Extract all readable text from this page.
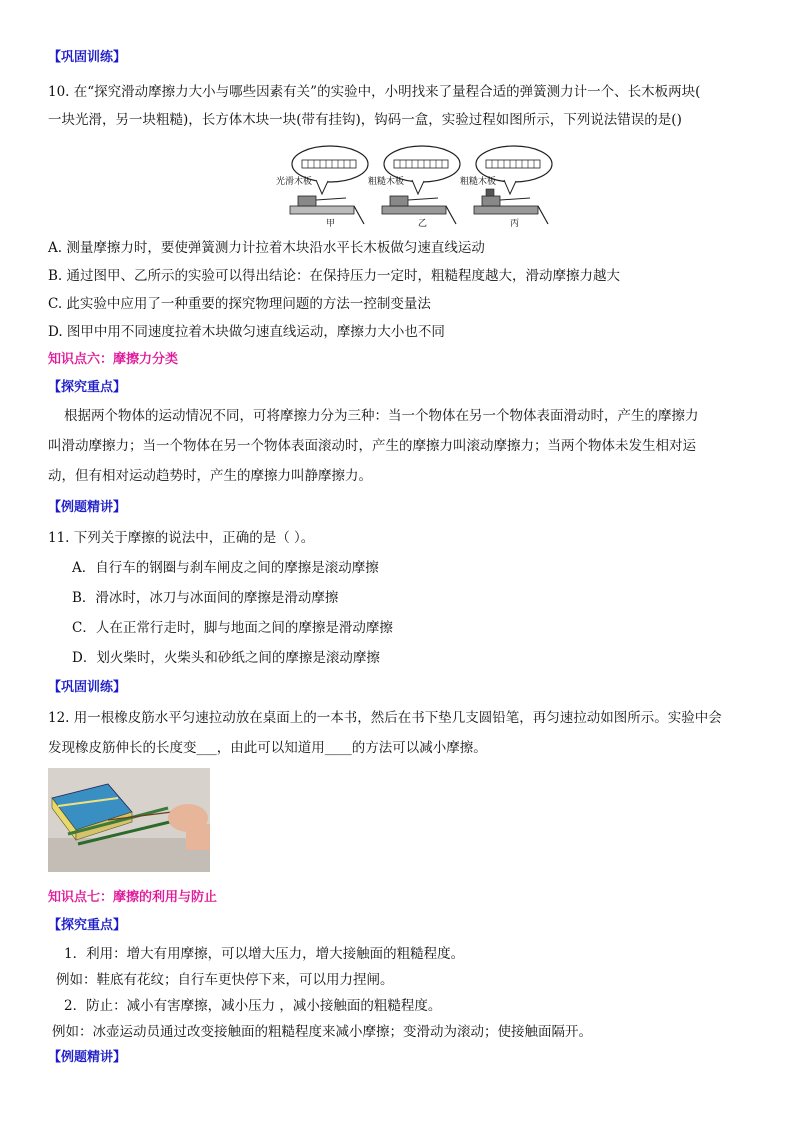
【巩固训练】
10. 在“探究滑动摩擦力大小与哪些因素有关”的实验中，小明找来了量程合适的弹簧测力计一个、长木板两块(
一块光滑，另一块粗糙)，长方体木块一块(带有挂钩)，钩码一盒，实验过程如图所示，下列说法错误的是()
光滑木板
甲
粗糙木板
乙
粗糙木板
丙
A. 测量摩擦力时，要使弹簧测力计拉着木块沿水平长木板做匀速直线运动
B. 通过图甲、乙所示的实验可以得出结论：在保持压力一定时，粗糙程度越大，滑动摩擦力越大
C. 此实验中应用了一种重要的探究物理问题的方法一控制变量法
D. 图甲中用不同速度拉着木块做匀速直线运动，摩擦力大小也不同
知识点六：摩擦力分类
【探究重点】
根据两个物体的运动情况不同，可将摩擦力分为三种：当一个物体在另一个物体表面滑动时，产生的摩擦力
叫滑动摩擦力；当一个物体在另一个物体表面滚动时，产生的摩擦力叫滚动摩擦力；当两个物体未发生相对运
动，但有相对运动趋势时，产生的摩擦力叫静摩擦力。
【例题精讲】
11. 下列关于摩擦的说法中，正确的是（ ）。
A．自行车的钢圈与刹车闸皮之间的摩擦是滚动摩擦
B．滑冰时，冰刀与冰面间的摩擦是滑动摩擦
C．人在正常行走时，脚与地面之间的摩擦是滑动摩擦
D．划火柴时，火柴头和砂纸之间的摩擦是滚动摩擦
【巩固训练】
12. 用一根橡皮筋水平匀速拉动放在桌面上的一本书，然后在书下垫几支圆铅笔，再匀速拉动如图所示。实验中会
发现橡皮筋伸长的长度变___，由此可以知道用____的方法可以减小摩擦。
知识点七：摩擦的利用与防止
【探究重点】
1．利用：增大有用摩擦，可以增大压力，增大接触面的粗糙程度。
例如：鞋底有花纹；自行车更快停下来，可以用力捏闸。
2．防止：减小有害摩擦，减小压力 ，减小接触面的粗糙程度。
例如：冰壶运动员通过改变接触面的粗糙程度来减小摩擦；变滑动为滚动；使接触面隔开。
【例题精讲】
